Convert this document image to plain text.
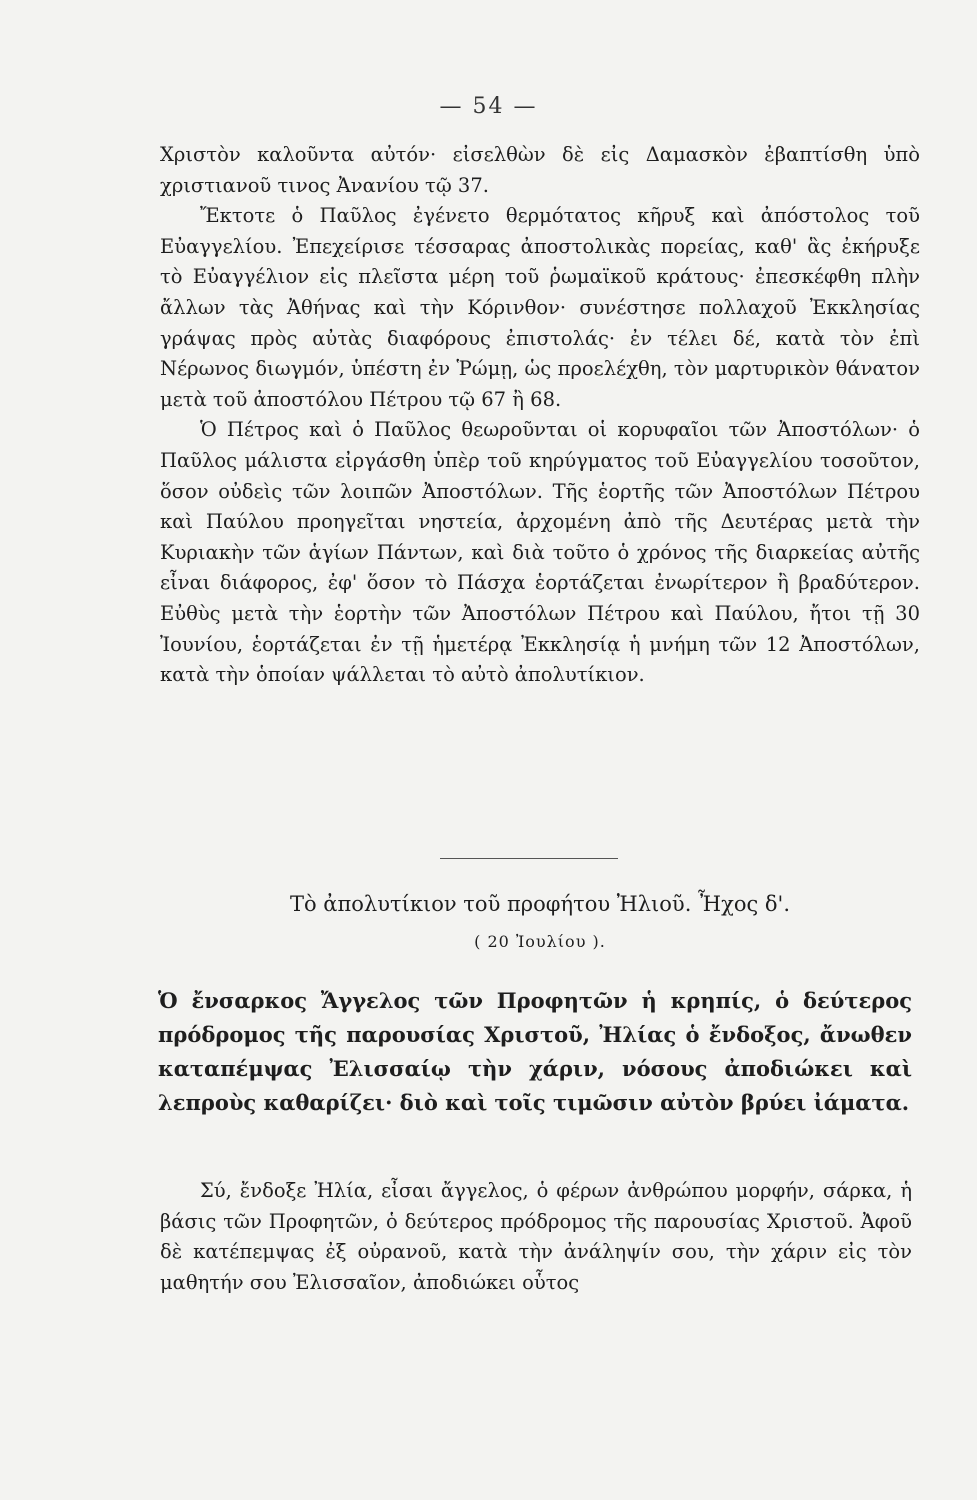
— 54 —

Χριστὸν καλοῦντα αὐτόν· εἰσελθὼν δὲ εἰς Δαμασκὸν ἐβαπτίσθη ὑπὸ χριστιανοῦ τινος Ἀνανίου τῷ 37.

Ἔκτοτε ὁ Παῦλος ἐγένετο θερμότατος κῆρυξ καὶ ἀπόστολος τοῦ Εὐαγγελίου. Ἐπεχείρισε τέσσαρας ἀποστολικὰς πορείας, καθ' ἃς ἐκήρυξε τὸ Εὐαγγέλιον εἰς πλεῖστα μέρη τοῦ ῥωμαϊκοῦ κράτους· ἐπεσκέφθη πλὴν ἄλλων τὰς Ἀθήνας καὶ τὴν Κόρινθον· συνέστησε πολλαχοῦ Ἐκκλησίας γράψας πρὸς αὐτὰς διαφόρους ἐπιστολάς· ἐν τέλει δέ, κατὰ τὸν ἐπὶ Νέρωνος διωγμόν, ὑπέστη ἐν Ῥώμῃ, ὡς προελέχθη, τὸν μαρτυρικὸν θάνατον μετὰ τοῦ ἀποστόλου Πέτρου τῷ 67 ἢ 68.

Ὁ Πέτρος καὶ ὁ Παῦλος θεωροῦνται οἱ κορυφαῖοι τῶν Ἀποστόλων· ὁ Παῦλος μάλιστα εἰργάσθη ὑπὲρ τοῦ κηρύγματος τοῦ Εὐαγγελίου τοσοῦτον, ὅσον οὐδεὶς τῶν λοιπῶν Ἀποστόλων. Τῆς ἑορτῆς τῶν Ἀποστόλων Πέτρου καὶ Παύλου προηγεῖται νηστεία, ἀρχομένη ἀπὸ τῆς Δευτέρας μετὰ τὴν Κυριακὴν τῶν ἁγίων Πάντων, καὶ διὰ τοῦτο ὁ χρόνος τῆς διαρκείας αὐτῆς εἶναι διάφορος, ἐφ' ὅσον τὸ Πάσχα ἑορτάζεται ἐνωρίτερον ἢ βραδύτερον. Εὐθὺς μετὰ τὴν ἑορτὴν τῶν Ἀποστόλων Πέτρου καὶ Παύλου, ἤτοι τῇ 30 Ἰουνίου, ἑορτάζεται ἐν τῇ ἡμετέρᾳ Ἐκκλησίᾳ ἡ μνήμη τῶν 12 Ἀποστόλων, κατὰ τὴν ὁποίαν ψάλλεται τὸ αὐτὸ ἀπολυτίκιον.

Τὸ ἀπολυτίκιον τοῦ προφήτου Ἠλιοῦ. Ἦχος δ'.
( 20 Ἰουλίου ).

Ὁ ἔνσαρκος Ἄγγελος τῶν Προφητῶν ἡ κρηπίς, ὁ δεύτερος πρόδρομος τῆς παρουσίας Χριστοῦ, Ἠλίας ὁ ἔνδοξος, ἄνωθεν καταπέμψας Ἐλισσαίῳ τὴν χάριν, νόσους ἀποδιώκει καὶ λεπροὺς καθαρίζει· διὸ καὶ τοῖς τιμῶσιν αὐτὸν βρύει ἰάματα.

Σύ, ἔνδοξε Ἠλία, εἶσαι ἄγγελος, ὁ φέρων ἀνθρώπου μορφήν, σάρκα, ἡ βάσις τῶν Προφητῶν, ὁ δεύτερος πρόδρομος τῆς παρουσίας Χριστοῦ. Ἀφοῦ δὲ κατέπεμψας ἐξ οὐρανοῦ, κατὰ τὴν ἀνάληψίν σου, τὴν χάριν εἰς τὸν μαθητήν σου Ἐλισσαῖον, ἀποδιώκει οὗτος
